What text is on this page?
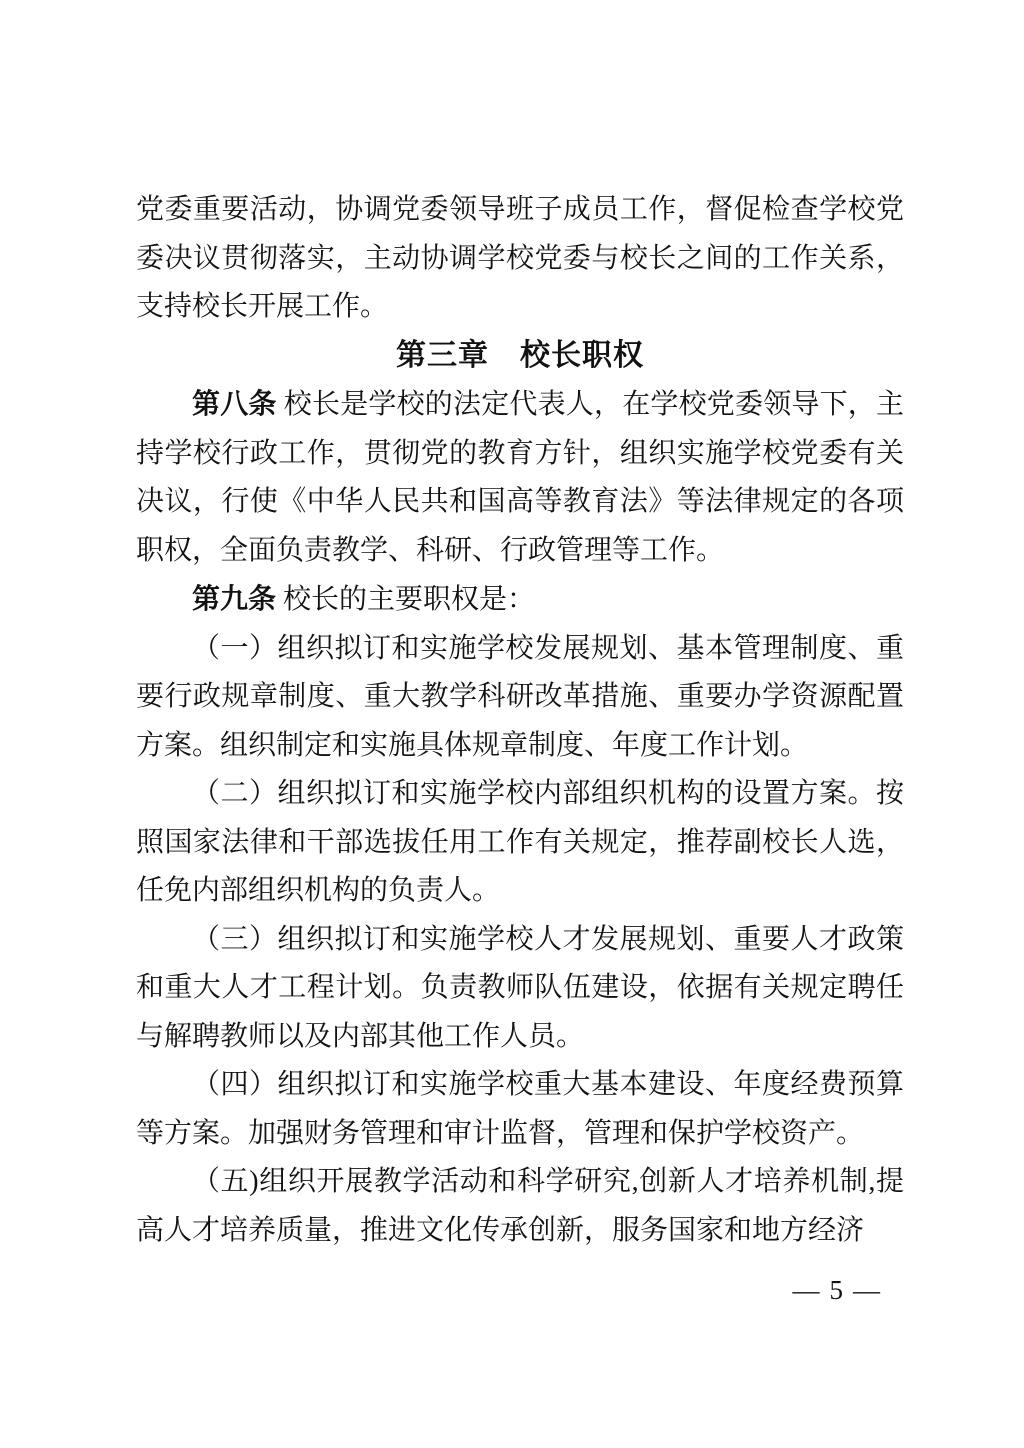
党委重要活动，协调党委领导班子成员工作，督促检查学校党委决议贯彻落实，主动协调学校党委与校长之间的工作关系，支持校长开展工作。

第三章　校长职权

第八条 校长是学校的法定代表人，在学校党委领导下，主持学校行政工作，贯彻党的教育方针，组织实施学校党委有关决议，行使《中华人民共和国高等教育法》等法律规定的各项职权，全面负责教学、科研、行政管理等工作。

第九条 校长的主要职权是：

（一）组织拟订和实施学校发展规划、基本管理制度、重要行政规章制度、重大教学科研改革措施、重要办学资源配置方案。组织制定和实施具体规章制度、年度工作计划。

（二）组织拟订和实施学校内部组织机构的设置方案。按照国家法律和干部选拔任用工作有关规定，推荐副校长人选，任免内部组织机构的负责人。

（三）组织拟订和实施学校人才发展规划、重要人才政策和重大人才工程计划。负责教师队伍建设，依据有关规定聘任与解聘教师以及内部其他工作人员。

（四）组织拟订和实施学校重大基本建设、年度经费预算等方案。加强财务管理和审计监督，管理和保护学校资产。

（五)组织开展教学活动和科学研究,创新人才培养机制,提高人才培养质量，推进文化传承创新，服务国家和地方经济

— 5 —
